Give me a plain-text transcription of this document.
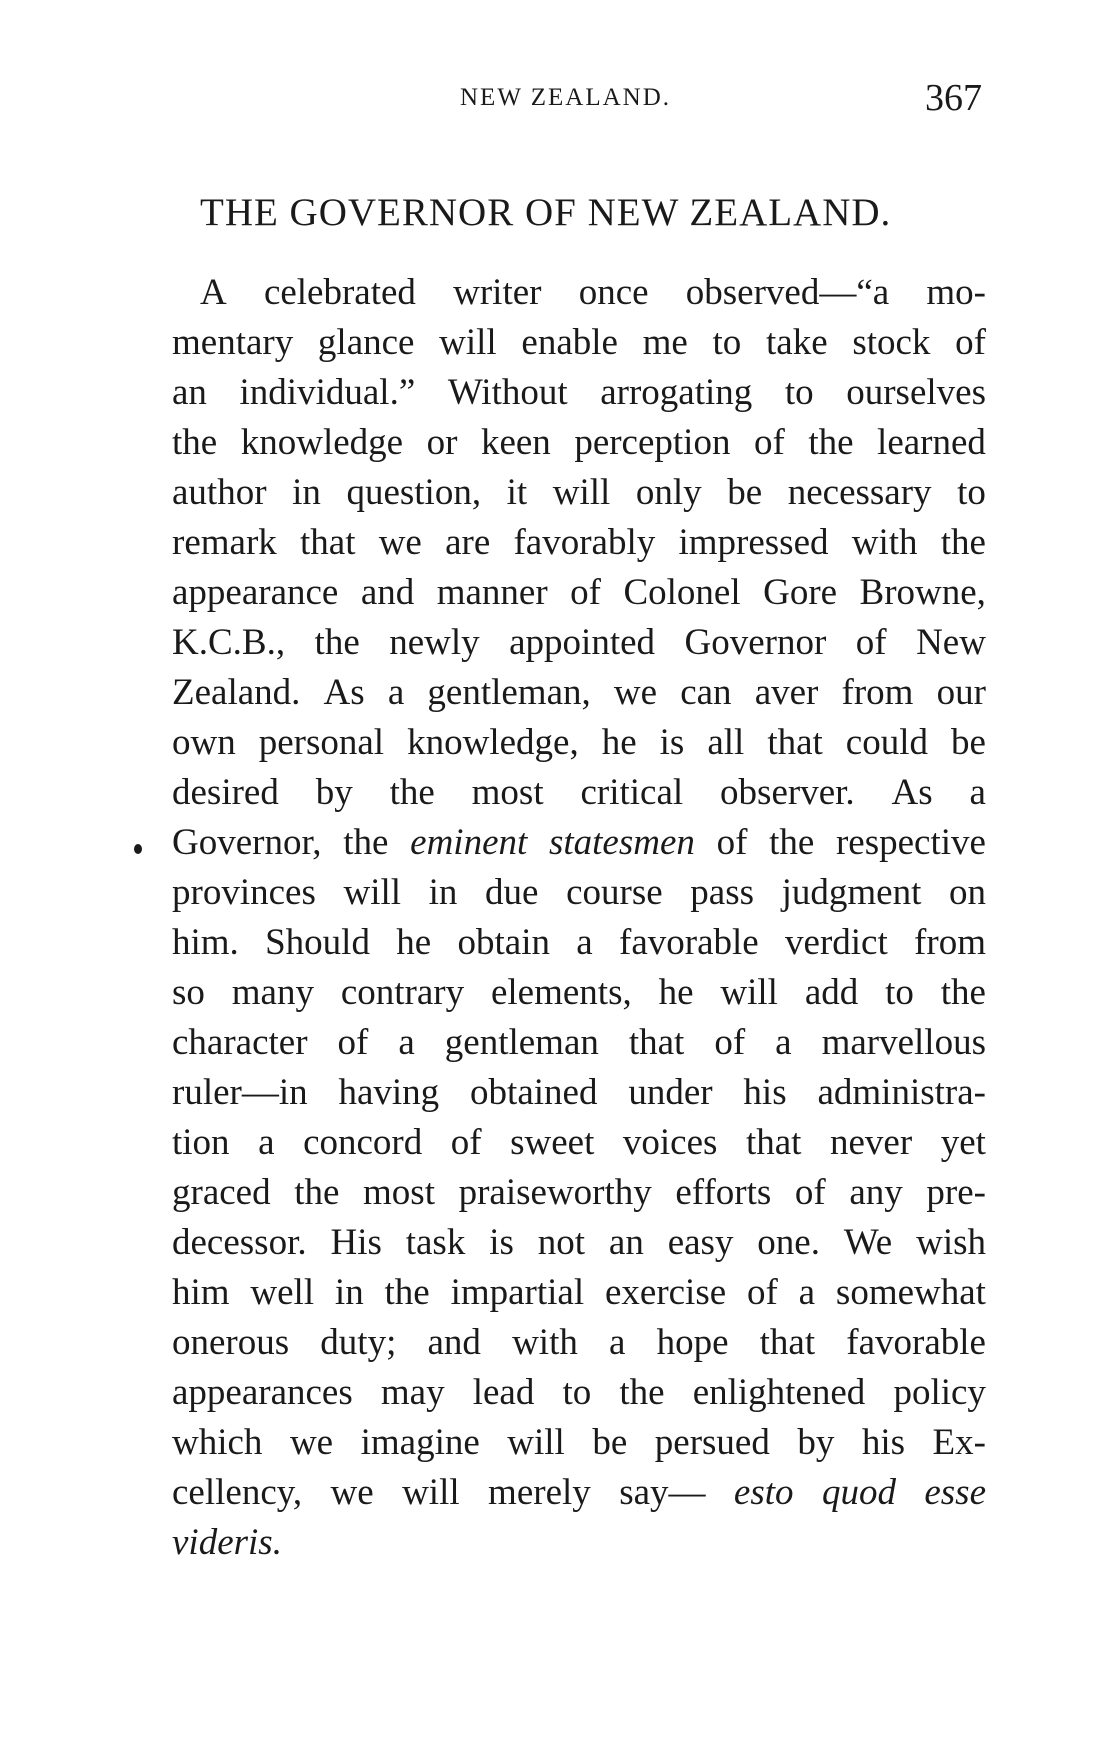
NEW ZEALAND.	367
THE GOVERNOR OF NEW ZEALAND.
A celebrated writer once observed—“a mo-
mentary glance will enable me to take stock of
an individual.” Without arrogating to ourselves
the knowledge or keen perception of the learned
author in question, it will only be necessary to
remark that we are favorably impressed with the
appearance and manner of Colonel Gore Browne,
K.C.B., the newly appointed Governor of New
Zealand. As a gentleman, we can aver from our
own personal knowledge, he is all that could be
desired by the most critical observer. As a
Governor, the eminent statesmen of the respective
provinces will in due course pass judgment on
him. Should he obtain a favorable verdict from
so many contrary elements, he will add to the
character of a gentleman that of a marvellous
ruler—in having obtained under his administra-
tion a concord of sweet voices that never yet
graced the most praiseworthy efforts of any pre-
decessor. His task is not an easy one. We wish
him well in the impartial exercise of a somewhat
onerous duty; and with a hope that favorable
appearances may lead to the enlightened policy
which we imagine will be persued by his Ex-
cellency, we will merely say— esto quod esse
videris.
